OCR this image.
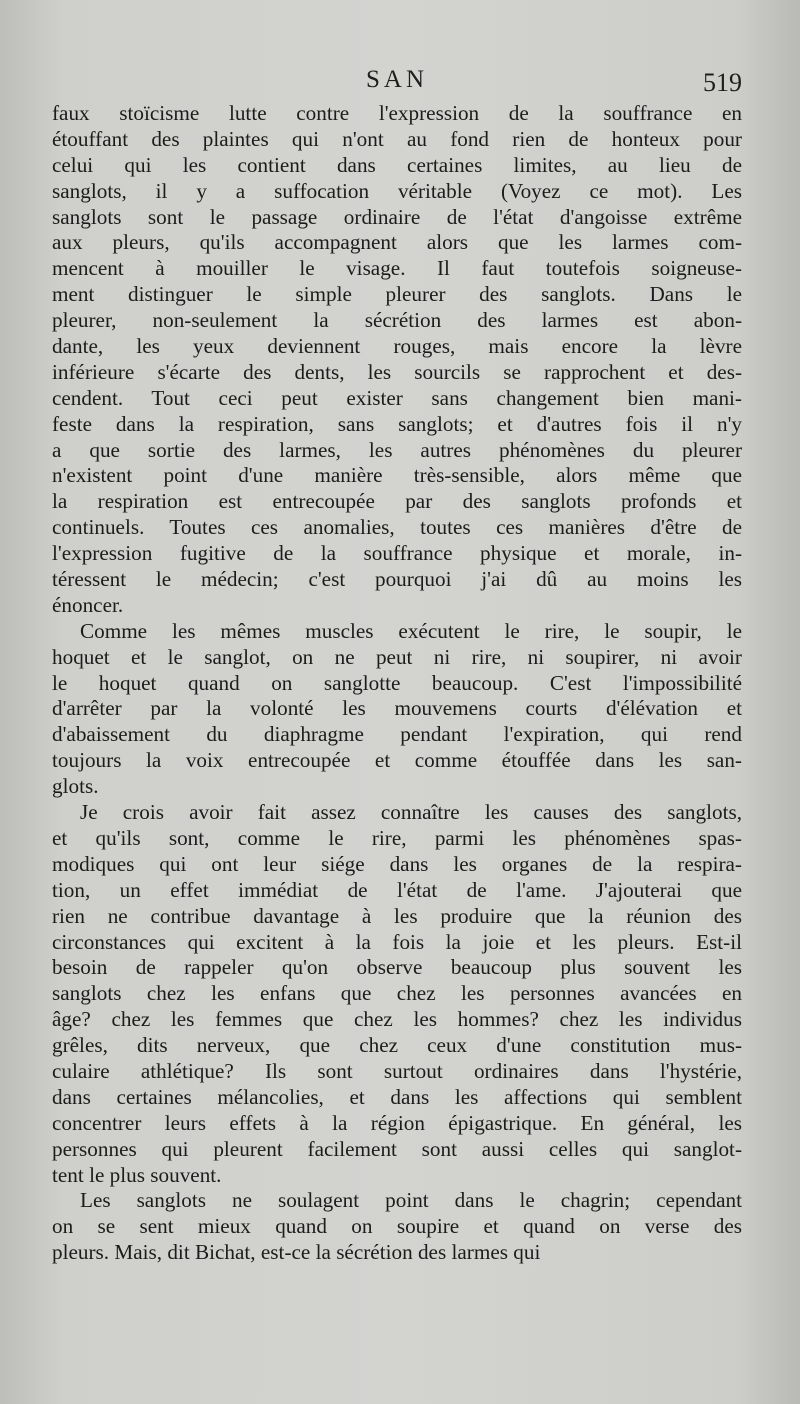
SAN	519
faux stoïcisme lutte contre l'expression de la souffrance en
étouffant des plaintes qui n'ont au fond rien de honteux pour
celui qui les contient dans certaines limites, au lieu de
sanglots, il y a suffocation véritable (Voyez ce mot). Les
sanglots sont le passage ordinaire de l'état d'angoisse extrême
aux pleurs, qu'ils accompagnent alors que les larmes com-
mencent à mouiller le visage. Il faut toutefois soigneuse-
ment distinguer le simple pleurer des sanglots. Dans le
pleurer, non-seulement la sécrétion des larmes est abon-
dante, les yeux deviennent rouges, mais encore la lèvre
inférieure s'écarte des dents, les sourcils se rapprochent et des-
cendent. Tout ceci peut exister sans changement bien mani-
feste dans la respiration, sans sanglots; et d'autres fois il n'y
a que sortie des larmes, les autres phénomènes du pleurer
n'existent point d'une manière très-sensible, alors même que
la respiration est entrecoupée par des sanglots profonds et
continuels. Toutes ces anomalies, toutes ces manières d'être de
l'expression fugitive de la souffrance physique et morale, in-
téressent le médecin; c'est pourquoi j'ai dû au moins les
énoncer.
Comme les mêmes muscles exécutent le rire, le soupir, le
hoquet et le sanglot, on ne peut ni rire, ni soupirer, ni avoir
le hoquet quand on sanglotte beaucoup. C'est l'impossibilité
d'arrêter par la volonté les mouvemens courts d'élévation et
d'abaissement du diaphragme pendant l'expiration, qui rend
toujours la voix entrecoupée et comme étouffée dans les san-
glots.
Je crois avoir fait assez connaître les causes des sanglots,
et qu'ils sont, comme le rire, parmi les phénomènes spas-
modiques qui ont leur siége dans les organes de la respira-
tion, un effet immédiat de l'état de l'ame. J'ajouterai que
rien ne contribue davantage à les produire que la réunion des
circonstances qui excitent à la fois la joie et les pleurs. Est-il
besoin de rappeler qu'on observe beaucoup plus souvent les
sanglots chez les enfans que chez les personnes avancées en
âge? chez les femmes que chez les hommes? chez les individus
grêles, dits nerveux, que chez ceux d'une constitution mus-
culaire athlétique? Ils sont surtout ordinaires dans l'hystérie,
dans certaines mélancolies, et dans les affections qui semblent
concentrer leurs effets à la région épigastrique. En général, les
personnes qui pleurent facilement sont aussi celles qui sanglot-
tent le plus souvent.
Les sanglots ne soulagent point dans le chagrin; cependant
on se sent mieux quand on soupire et quand on verse des
pleurs. Mais, dit Bichat, est-ce la sécrétion des larmes qui
